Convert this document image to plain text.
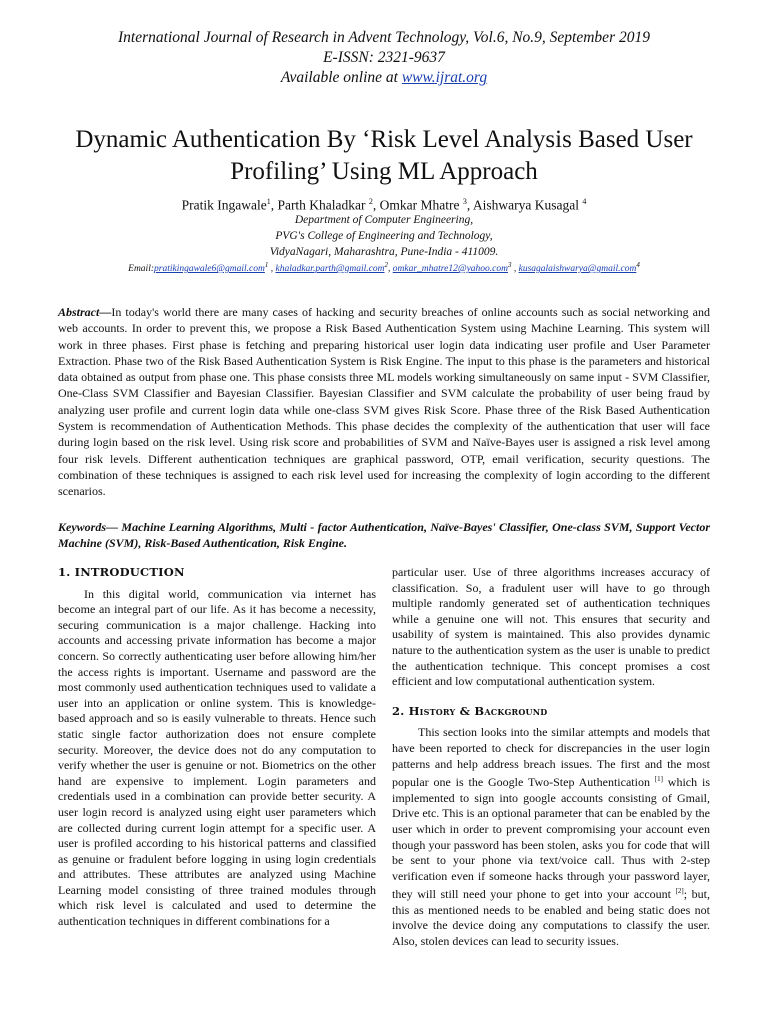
International Journal of Research in Advent Technology, Vol.6, No.9, September 2019
E-ISSN: 2321-9637
Available online at www.ijrat.org
Dynamic Authentication By ‘Risk Level Analysis Based User Profiling’ Using ML Approach
Pratik Ingawale$^1$, Parth Khaladkar $^2$, Omkar Mhatre $^3$, Aishwarya Kusagal $^4$
Department of Computer Engineering,
PVG's College of Engineering and Technology,
VidyaNagari, Maharashtra, Pune-India - 411009.
Email:pratikingawale6@gmail.com$^1$ , khaladkar.parth@gmail.com$^2$, omkar_mhatre12@yahoo.com$^3$ , kusagalaishwarya@gmail.com$^4$
Abstract—In today's world there are many cases of hacking and security breaches of online accounts such as social networking and web accounts. In order to prevent this, we propose a Risk Based Authentication System using Machine Learning. This system will work in three phases. First phase is fetching and preparing historical user login data indicating user profile and User Parameter Extraction. Phase two of the Risk Based Authentication System is Risk Engine. The input to this phase is the parameters and historical data obtained as output from phase one. This phase consists three ML models working simultaneously on same input - SVM Classifier, One-Class SVM Classifier and Bayesian Classifier. Bayesian Classifier and SVM calculate the probability of user being fraud by analyzing user profile and current login data while one-class SVM gives Risk Score. Phase three of the Risk Based Authentication System is recommendation of Authentication Methods. This phase decides the complexity of the authentication that user will face during login based on the risk level. Using risk score and probabilities of SVM and Naïve-Bayes user is assigned a risk level among four risk levels. Different authentication techniques are graphical password, OTP, email verification, security questions. The combination of these techniques is assigned to each risk level used for increasing the complexity of login according to the different scenarios.
Keywords— Machine Learning Algorithms, Multi - factor Authentication, Naïve-Bayes' Classifier, One-class SVM, Support Vector Machine (SVM), Risk-Based Authentication, Risk Engine.
1. INTRODUCTION

In this digital world, communication via internet has become an integral part of our life. As it has become a necessity, securing communication is a major challenge. Hacking into accounts and accessing private information has become a major concern. So correctly authenticating user before allowing him/her the access rights is important. Username and password are the most commonly used authentication techniques used to validate a user into an application or online system. This is knowledge-based approach and so is easily vulnerable to threats. Hence such static single factor authorization does not ensure complete security. Moreover, the device does not do any computation to verify whether the user is genuine or not. Biometrics on the other hand are expensive to implement. Login parameters and credentials used in a combination can provide better security. A user login record is analyzed using eight user parameters which are collected during current login attempt for a specific user. A user is profiled according to his historical patterns and classified as genuine or fradulent before logging in using login credentials and attributes. These attributes are analyzed using Machine Learning model consisting of three trained modules through which risk level is calculated and used to determine the authentication techniques in different combinations for a

particular user. Use of three algorithms increases accuracy of classification. So, a fradulent user will have to go through multiple randomly generated set of authentication techniques while a genuine one will not. This ensures that security and usability of system is maintained. This also provides dynamic nature to the authentication system as the user is unable to predict the authentication technique. This concept promises a cost efficient and low computational authentication system.

2. History & Background

This section looks into the similar attempts and models that have been reported to check for discrepancies in the user login patterns and help address breach issues. The first and the most popular one is the Google Two-Step Authentication [1] which is implemented to sign into google accounts consisting of Gmail, Drive etc. This is an optional parameter that can be enabled by the user which in order to prevent compromising your account even though your password has been stolen, asks you for code that will be sent to your phone via text/voice call. Thus with 2-step verification even if someone hacks through your password layer, they will still need your phone to get into your account [2]; but, this as mentioned needs to be enabled and being static does not involve the device doing any computations to classify the user. Also, stolen devices can lead to security issues.
